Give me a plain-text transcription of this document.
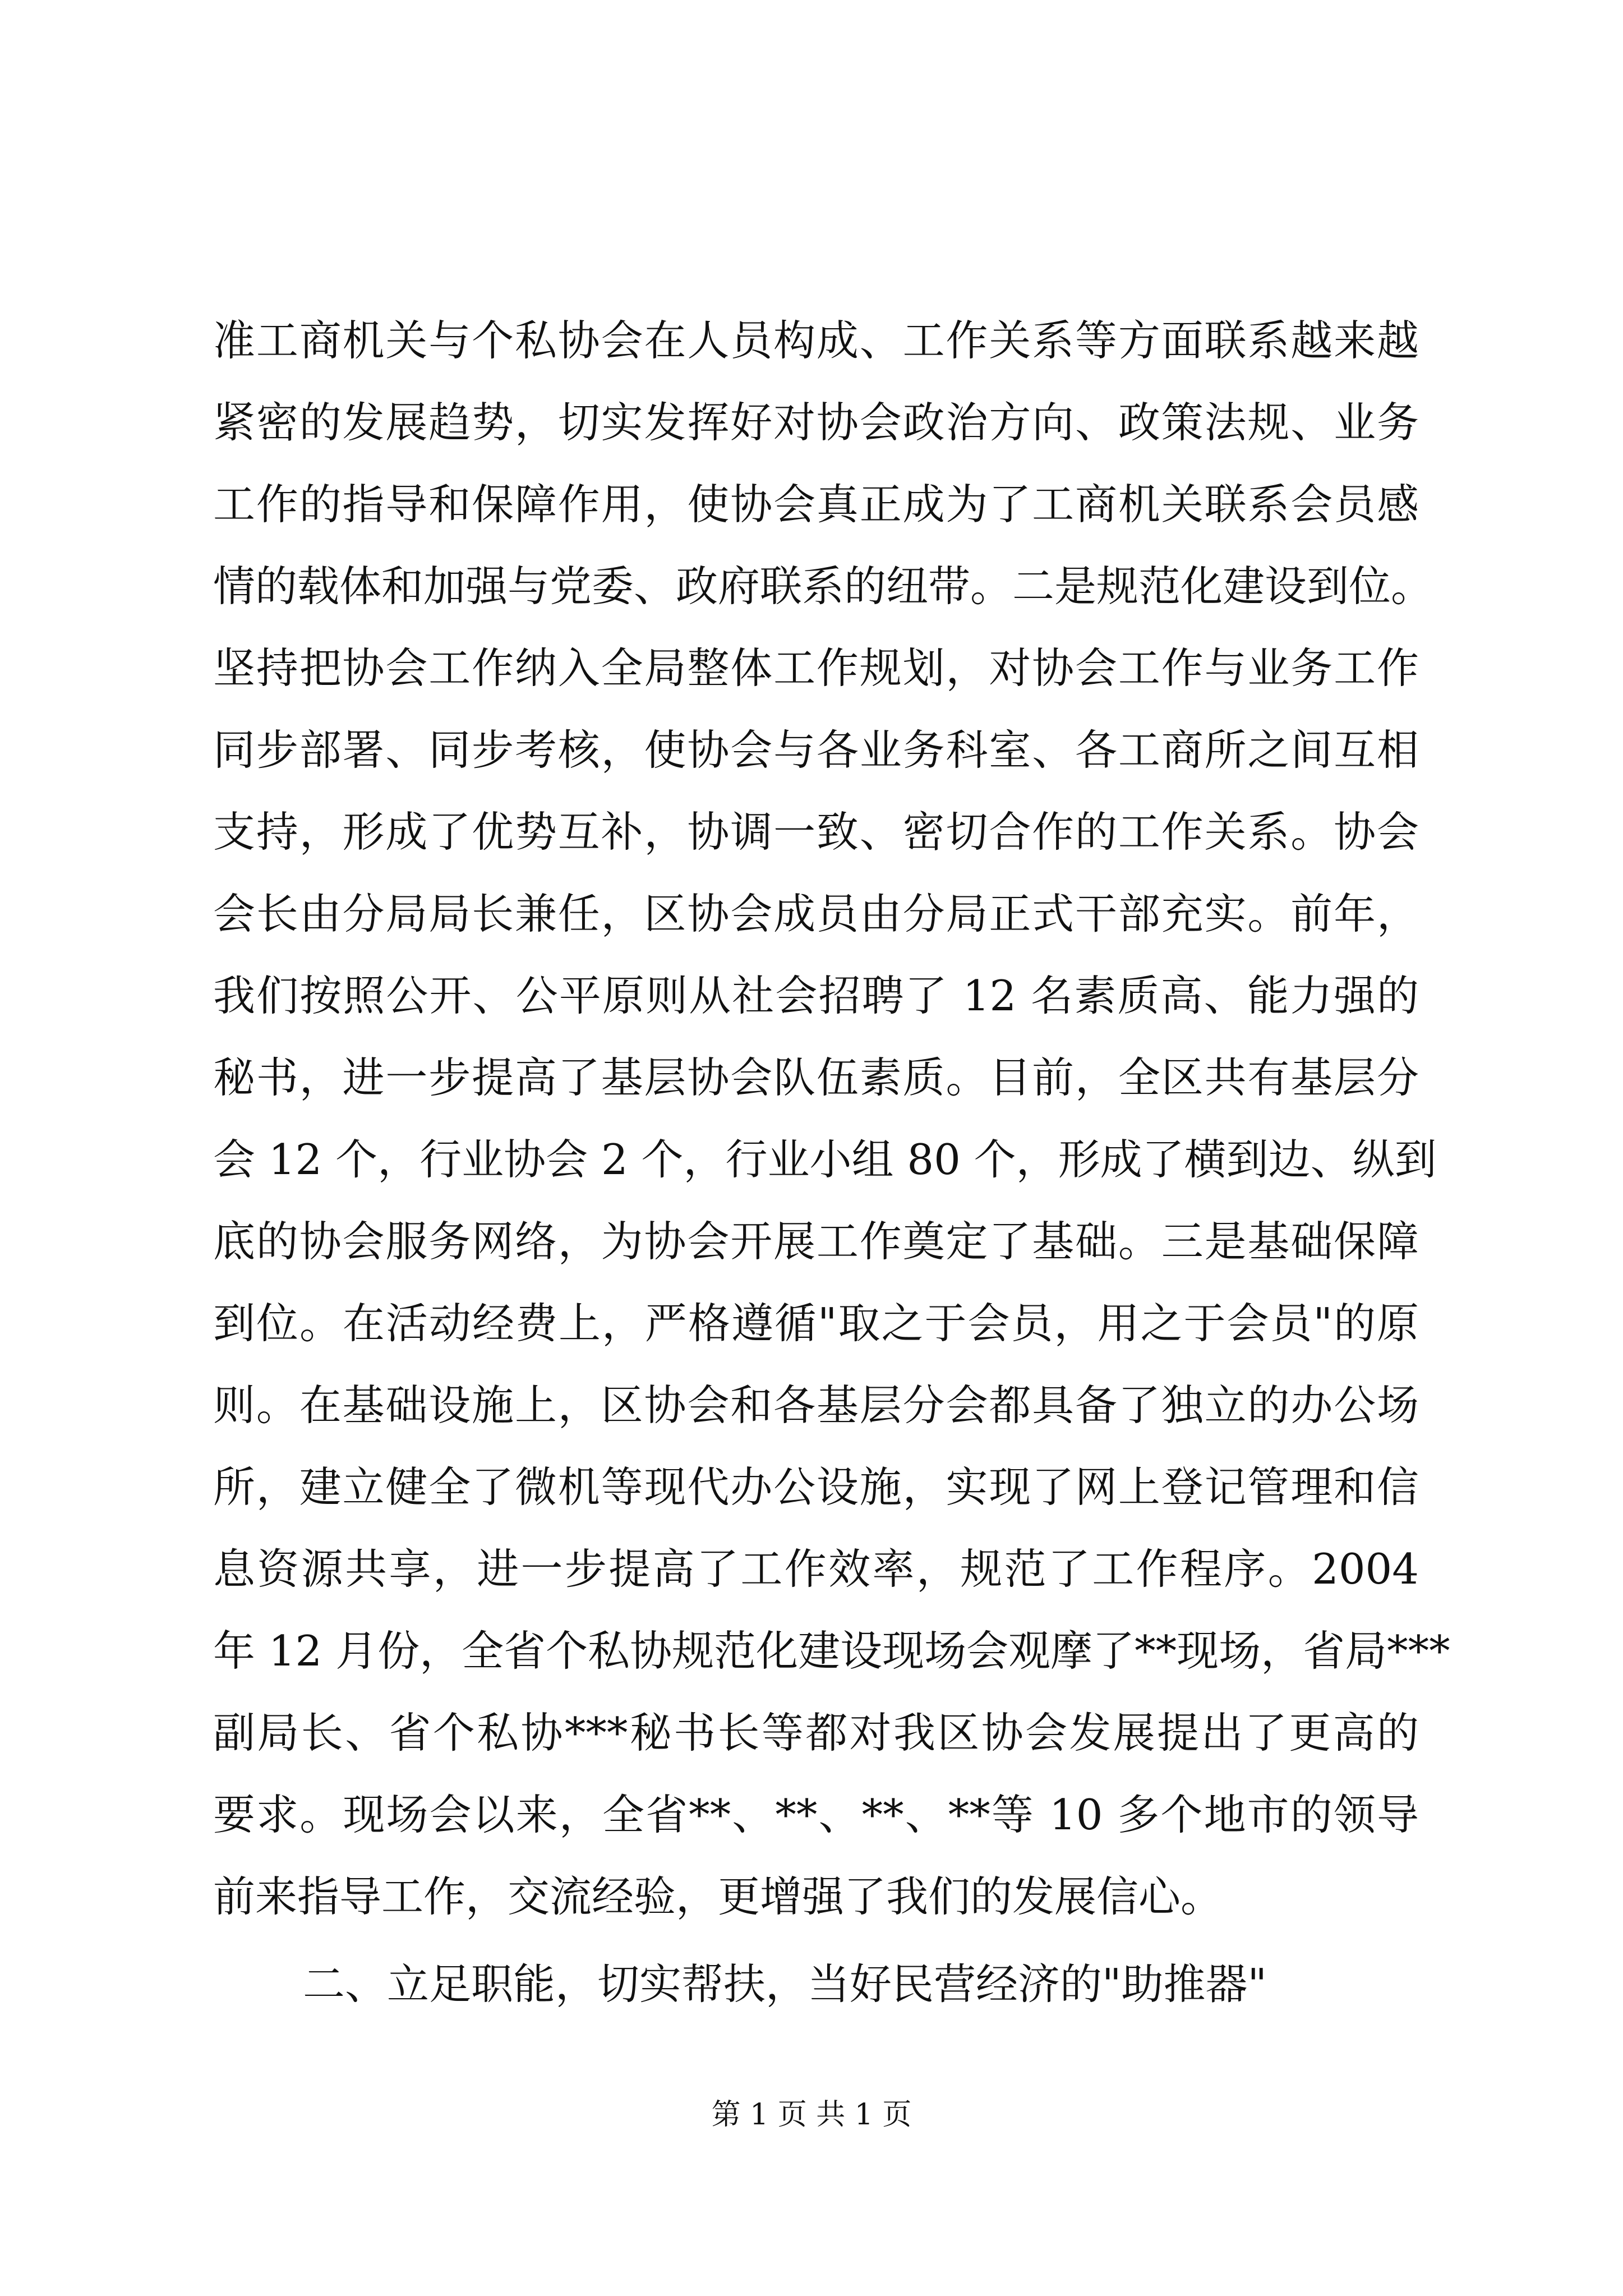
准工商机关与个私协会在人员构成、工作关系等方面联系越来越
紧密的发展趋势，切实发挥好对协会政治方向、政策法规、业务
工作的指导和保障作用，使协会真正成为了工商机关联系会员感
情的载体和加强与党委、政府联系的纽带。二是规范化建设到位。
坚持把协会工作纳入全局整体工作规划，对协会工作与业务工作
同步部署、同步考核，使协会与各业务科室、各工商所之间互相
支持，形成了优势互补，协调一致、密切合作的工作关系。协会
会长由分局局长兼任，区协会成员由分局正式干部充实。前年，
我们按照公开、公平原则从社会招聘了 12 名素质高、能力强的
秘书，进一步提高了基层协会队伍素质。目前，全区共有基层分
会 12 个，行业协会 2 个，行业小组 80 个，形成了横到边、纵到
底的协会服务网络，为协会开展工作奠定了基础。三是基础保障
到位。在活动经费上，严格遵循"取之于会员，用之于会员"的原
则。在基础设施上，区协会和各基层分会都具备了独立的办公场
所，建立健全了微机等现代办公设施，实现了网上登记管理和信
息资源共享，进一步提高了工作效率，规范了工作程序。2004
年 12 月份，全省个私协规范化建设现场会观摩了**现场，省局***
副局长、省个私协***秘书长等都对我区协会发展提出了更高的
要求。现场会以来，全省**、**、**、**等 10 多个地市的领导
前来指导工作，交流经验，更增强了我们的发展信心。
二、立足职能，切实帮扶，当好民营经济的"助推器"
第 1 页 共 1 页
